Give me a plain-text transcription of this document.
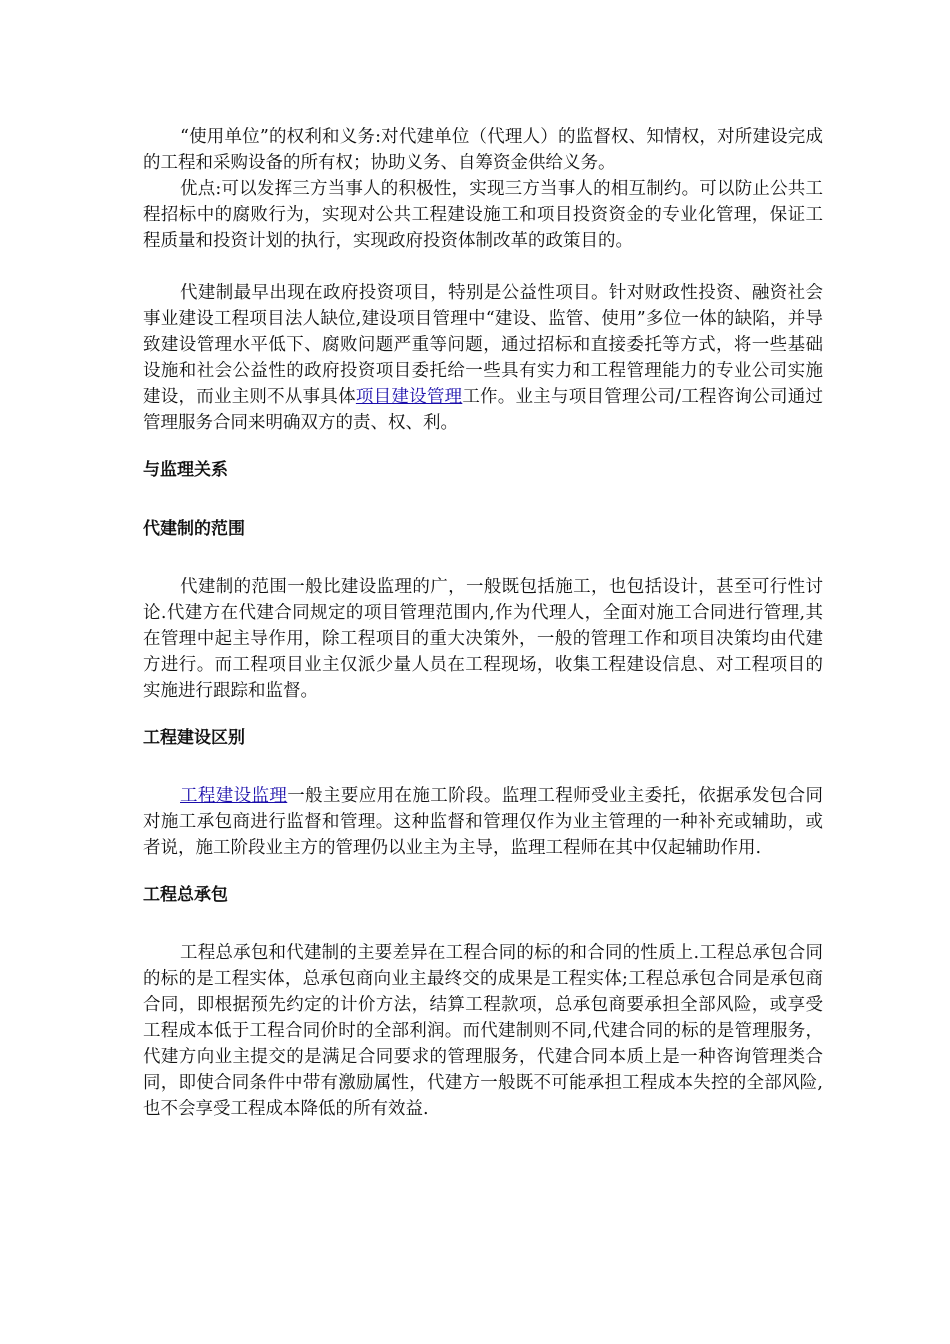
“使用单位”的权利和义务:对代建单位（代理人）的监督权、知情权，对所建设完成的工程和采购设备的所有权；协助义务、自筹资金供给义务。

优点:可以发挥三方当事人的积极性，实现三方当事人的相互制约。可以防止公共工程招标中的腐败行为，实现对公共工程建设施工和项目投资资金的专业化管理，保证工程质量和投资计划的执行，实现政府投资体制改革的政策目的。

代建制最早出现在政府投资项目，特别是公益性项目。针对财政性投资、融资社会事业建设工程项目法人缺位,建设项目管理中“建设、监管、使用”多位一体的缺陷，并导致建设管理水平低下、腐败问题严重等问题，通过招标和直接委托等方式，将一些基础设施和社会公益性的政府投资项目委托给一些具有实力和工程管理能力的专业公司实施建设，而业主则不从事具体项目建设管理工作。业主与项目管理公司/工程咨询公司通过管理服务合同来明确双方的责、权、利。

与监理关系
代建制的范围

代建制的范围一般比建设监理的广，一般既包括施工，也包括设计，甚至可行性讨论.代建方在代建合同规定的项目管理范围内,作为代理人，全面对施工合同进行管理,其在管理中起主导作用，除工程项目的重大决策外，一般的管理工作和项目决策均由代建方进行。而工程项目业主仅派少量人员在工程现场，收集工程建设信息、对工程项目的实施进行跟踪和监督。

工程建设区别

工程建设监理一般主要应用在施工阶段。监理工程师受业主委托，依据承发包合同对施工承包商进行监督和管理。这种监督和管理仅作为业主管理的一种补充或辅助，或者说，施工阶段业主方的管理仍以业主为主导，监理工程师在其中仅起辅助作用.

工程总承包

工程总承包和代建制的主要差异在工程合同的标的和合同的性质上.工程总承包合同的标的是工程实体，总承包商向业主最终交的成果是工程实体;工程总承包合同是承包商合同，即根据预先约定的计价方法，结算工程款项，总承包商要承担全部风险，或享受工程成本低于工程合同价时的全部利润。而代建制则不同,代建合同的标的是管理服务，代建方向业主提交的是满足合同要求的管理服务，代建合同本质上是一种咨询管理类合同，即使合同条件中带有激励属性，代建方一般既不可能承担工程成本失控的全部风险,也不会享受工程成本降低的所有效益.
